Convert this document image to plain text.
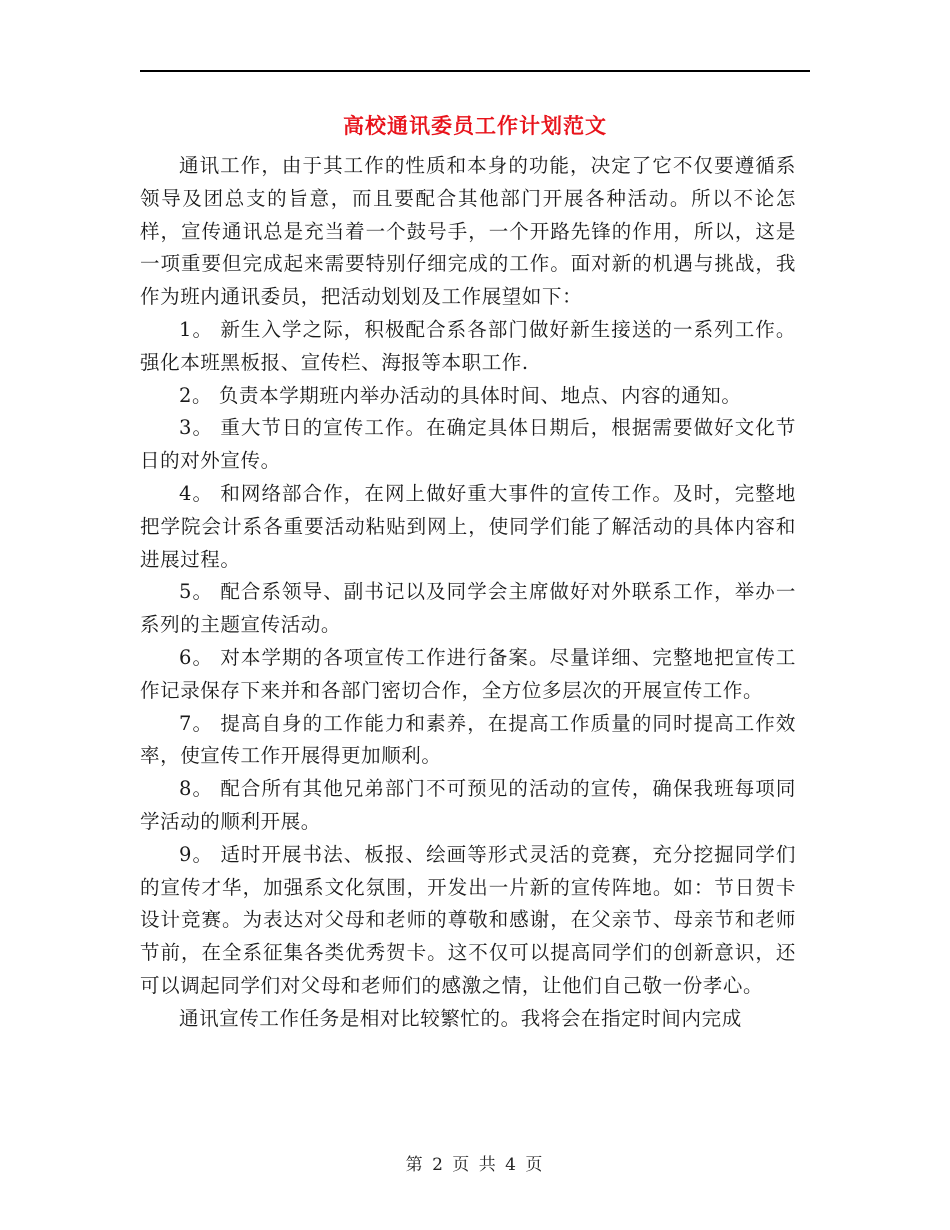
高校通讯委员工作计划范文

通讯工作，由于其工作的性质和本身的功能，决定了它不仅要遵循系领导及团总支的旨意，而且要配合其他部门开展各种活动。所以不论怎样，宣传通讯总是充当着一个鼓号手，一个开路先锋的作用，所以，这是一项重要但完成起来需要特别仔细完成的工作。面对新的机遇与挑战，我作为班内通讯委员，把活动划划及工作展望如下：

1。 新生入学之际，积极配合系各部门做好新生接送的一系列工作。强化本班黑板报、宣传栏、海报等本职工作.

2。 负责本学期班内举办活动的具体时间、地点、内容的通知。

3。 重大节日的宣传工作。在确定具体日期后，根据需要做好文化节日的对外宣传。

4。 和网络部合作，在网上做好重大事件的宣传工作。及时，完整地把学院会计系各重要活动粘贴到网上，使同学们能了解活动的具体内容和进展过程。

5。 配合系领导、副书记以及同学会主席做好对外联系工作，举办一系列的主题宣传活动。

6。 对本学期的各项宣传工作进行备案。尽量详细、完整地把宣传工作记录保存下来并和各部门密切合作，全方位多层次的开展宣传工作。

7。 提高自身的工作能力和素养，在提高工作质量的同时提高工作效率，使宣传工作开展得更加顺利。

8。 配合所有其他兄弟部门不可预见的活动的宣传，确保我班每项同学活动的顺利开展。

9。 适时开展书法、板报、绘画等形式灵活的竞赛，充分挖掘同学们的宣传才华，加强系文化氛围，开发出一片新的宣传阵地。如：节日贺卡设计竞赛。为表达对父母和老师的尊敬和感谢，在父亲节、母亲节和老师节前，在全系征集各类优秀贺卡。这不仅可以提高同学们的创新意识，还可以调起同学们对父母和老师们的感激之情，让他们自己敬一份孝心。

通讯宣传工作任务是相对比较繁忙的。我将会在指定时间内完成

第 2 页 共 4 页
